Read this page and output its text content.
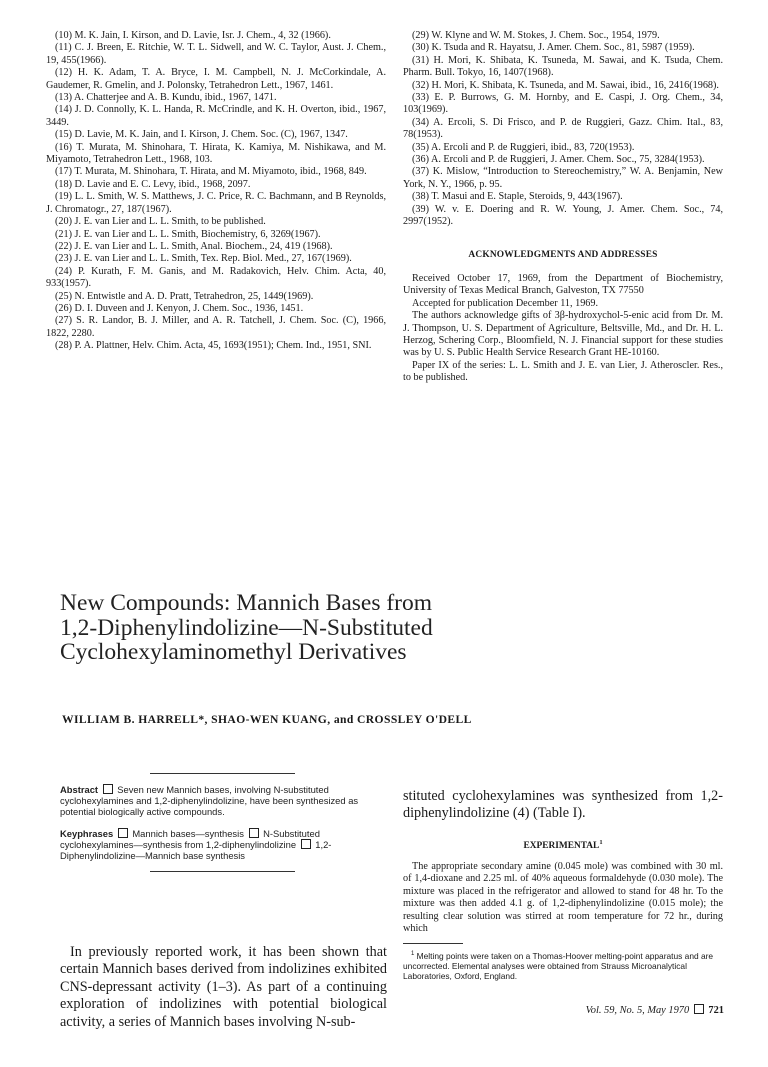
(10) M. K. Jain, I. Kirson, and D. Lavie, Isr. J. Chem., 4, 32 (1966).

(11) C. J. Breen, E. Ritchie, W. T. L. Sidwell, and W. C. Taylor, Aust. J. Chem., 19, 455(1966).

(12) H. K. Adam, T. A. Bryce, I. M. Campbell, N. J. McCorkindale, A. Gaudemer, R. Gmelin, and J. Polonsky, Tetrahedron Lett., 1967, 1461.

(13) A. Chatterjee and A. B. Kundu, ibid., 1967, 1471.

(14) J. D. Connolly, K. L. Handa, R. McCrindle, and K. H. Overton, ibid., 1967, 3449.

(15) D. Lavie, M. K. Jain, and I. Kirson, J. Chem. Soc. (C), 1967, 1347.

(16) T. Murata, M. Shinohara, T. Hirata, K. Kamiya, M. Nishikawa, and M. Miyamoto, Tetrahedron Lett., 1968, 103.

(17) T. Murata, M. Shinohara, T. Hirata, and M. Miyamoto, ibid., 1968, 849.

(18) D. Lavie and E. C. Levy, ibid., 1968, 2097.

(19) L. L. Smith, W. S. Matthews, J. C. Price, R. C. Bachmann, and B Reynolds, J. Chromatogr., 27, 187(1967).

(20) J. E. van Lier and L. L. Smith, to be published.

(21) J. E. van Lier and L. L. Smith, Biochemistry, 6, 3269(1967).

(22) J. E. van Lier and L. L. Smith, Anal. Biochem., 24, 419 (1968).

(23) J. E. van Lier and L. L. Smith, Tex. Rep. Biol. Med., 27, 167(1969).

(24) P. Kurath, F. M. Ganis, and M. Radakovich, Helv. Chim. Acta, 40, 933(1957).

(25) N. Entwistle and A. D. Pratt, Tetrahedron, 25, 1449(1969).

(26) D. I. Duveen and J. Kenyon, J. Chem. Soc., 1936, 1451.

(27) S. R. Landor, B. J. Miller, and A. R. Tatchell, J. Chem. Soc. (C), 1966, 1822, 2280.

(28) P. A. Plattner, Helv. Chim. Acta, 45, 1693(1951); Chem. Ind., 1951, SNI.

(29) W. Klyne and W. M. Stokes, J. Chem. Soc., 1954, 1979.

(30) K. Tsuda and R. Hayatsu, J. Amer. Chem. Soc., 81, 5987 (1959).

(31) H. Mori, K. Shibata, K. Tsuneda, M. Sawai, and K. Tsuda, Chem. Pharm. Bull. Tokyo, 16, 1407(1968).

(32) H. Mori, K. Shibata, K. Tsuneda, and M. Sawai, ibid., 16, 2416(1968).

(33) E. P. Burrows, G. M. Hornby, and E. Caspi, J. Org. Chem., 34, 103(1969).

(34) A. Ercoli, S. Di Frisco, and P. de Ruggieri, Gazz. Chim. Ital., 83, 78(1953).

(35) A. Ercoli and P. de Ruggieri, ibid., 83, 720(1953).

(36) A. Ercoli and P. de Ruggieri, J. Amer. Chem. Soc., 75, 3284(1953).

(37) K. Mislow, “Introduction to Stereochemistry,” W. A. Benjamin, New York, N. Y., 1966, p. 95.

(38) T. Masui and E. Staple, Steroids, 9, 443(1967).

(39) W. v. E. Doering and R. W. Young, J. Amer. Chem. Soc., 74, 2997(1952).

ACKNOWLEDGMENTS AND ADDRESSES

Received October 17, 1969, from the Department of Biochemistry, University of Texas Medical Branch, Galveston, TX 77550

Accepted for publication December 11, 1969.

The authors acknowledge gifts of 3β-hydroxychol-5-enic acid from Dr. M. J. Thompson, U. S. Department of Agriculture, Beltsville, Md., and Dr. H. L. Herzog, Schering Corp., Bloomfield, N. J. Financial support for these studies was by U. S. Public Health Service Research Grant HE-10160.

Paper IX of the series: L. L. Smith and J. E. van Lier, J. Atheroscler. Res., to be published.

New Compounds: Mannich Bases from
1,2-Diphenylindolizine—N-Substituted
Cyclohexylaminomethyl Derivatives
WILLIAM B. HARRELL*, SHAO-WEN KUANG, and CROSSLEY O'DELL

Abstract Seven new Mannich bases, involving N-substituted cyclohexylamines and 1,2-diphenylindolizine, have been synthesized as potential biologically active compounds.

Keyphrases Mannich bases—synthesis N-Substituted cyclohexylamines—synthesis from 1,2-diphenylindolizine 1,2-Diphenylindolizine—Mannich base synthesis

In previously reported work, it has been shown that certain Mannich bases derived from indolizines exhibited CNS-depressant activity (1–3). As part of a continuing exploration of indolizines with potential biological activity, a series of Mannich bases involving N-sub-

stituted cyclohexylamines was synthesized from 1,2-diphenylindolizine (4) (Table I).

EXPERIMENTAL$^1$

The appropriate secondary amine (0.045 mole) was combined with 30 ml. of 1,4-dioxane and 2.25 ml. of 40% aqueous formaldehyde (0.030 mole). The mixture was placed in the refrigerator and allowed to stand for 48 hr. To the mixture was then added 4.1 g. of 1,2-diphenylindolizine (0.015 mole); the resulting clear solution was stirred at room temperature for 72 hr., during which

$^1$ Melting points were taken on a Thomas-Hoover melting-point apparatus and are uncorrected. Elemental analyses were obtained from Strauss Microanalytical Laboratories, Oxford, England.

Vol. 59, No. 5, May 1970 721
